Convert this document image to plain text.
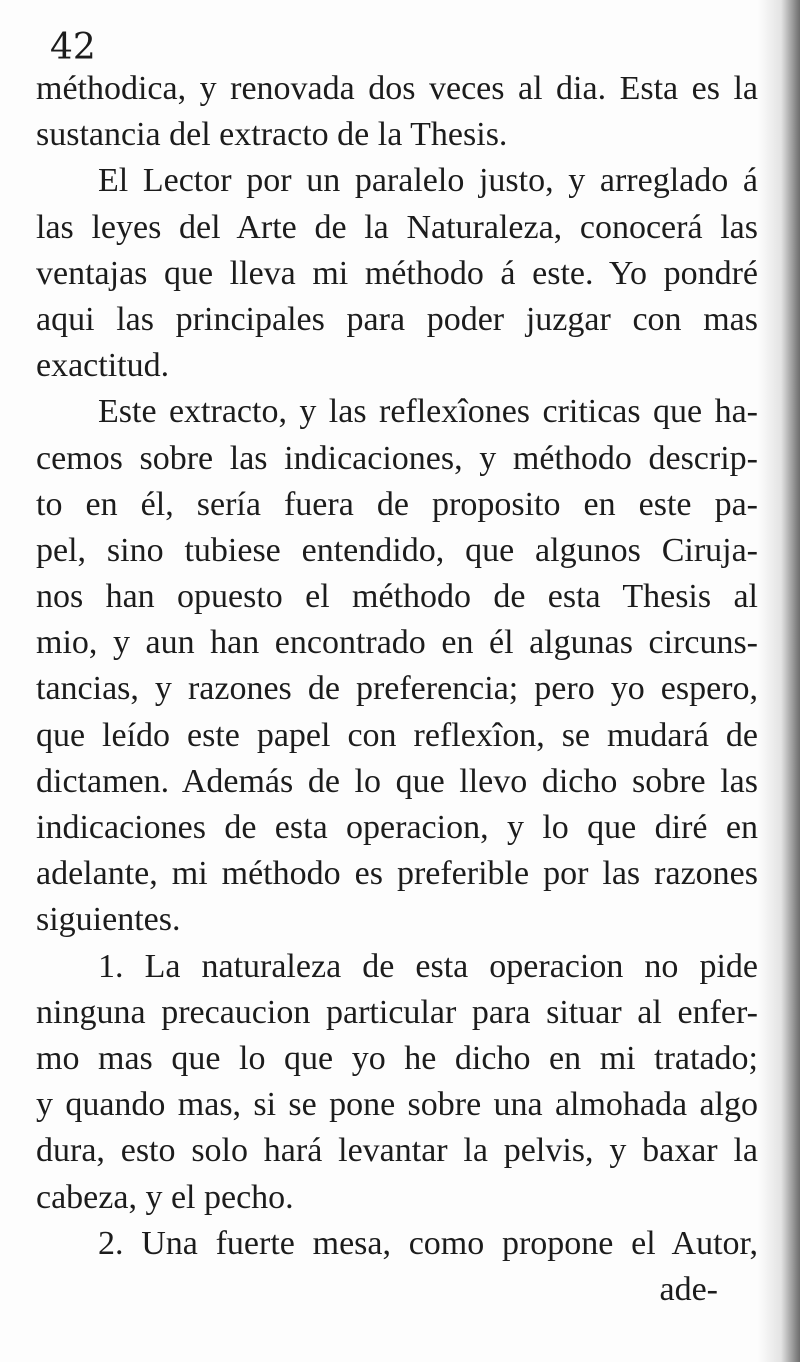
42
méthodica, y renovada dos veces al dia. Esta es la
sustancia del extracto de la Thesis.
El Lector por un paralelo justo, y arreglado á
las leyes del Arte de la Naturaleza, conocerá las
ventajas que lleva mi méthodo á este. Yo pondré
aqui las principales para poder juzgar con mas
exactitud.
Este extracto, y las reflexîones criticas que ha-
cemos sobre las indicaciones, y méthodo descrip-
to en él, sería fuera de proposito en este pa-
pel, sino tubiese entendido, que algunos Ciruja-
nos han opuesto el méthodo de esta Thesis al
mio, y aun han encontrado en él algunas circuns-
tancias, y razones de preferencia; pero yo espero,
que leído este papel con reflexîon, se mudará de
dictamen. Además de lo que llevo dicho sobre las
indicaciones de esta operacion, y lo que diré en
adelante, mi méthodo es preferible por las razones
siguientes.
1. La naturaleza de esta operacion no pide
ninguna precaucion particular para situar al enfer-
mo mas que lo que yo he dicho en mi tratado;
y quando mas, si se pone sobre una almohada algo
dura, esto solo hará levantar la pelvis, y baxar la
cabeza, y el pecho.
2. Una fuerte mesa, como propone el Autor,
ade-
